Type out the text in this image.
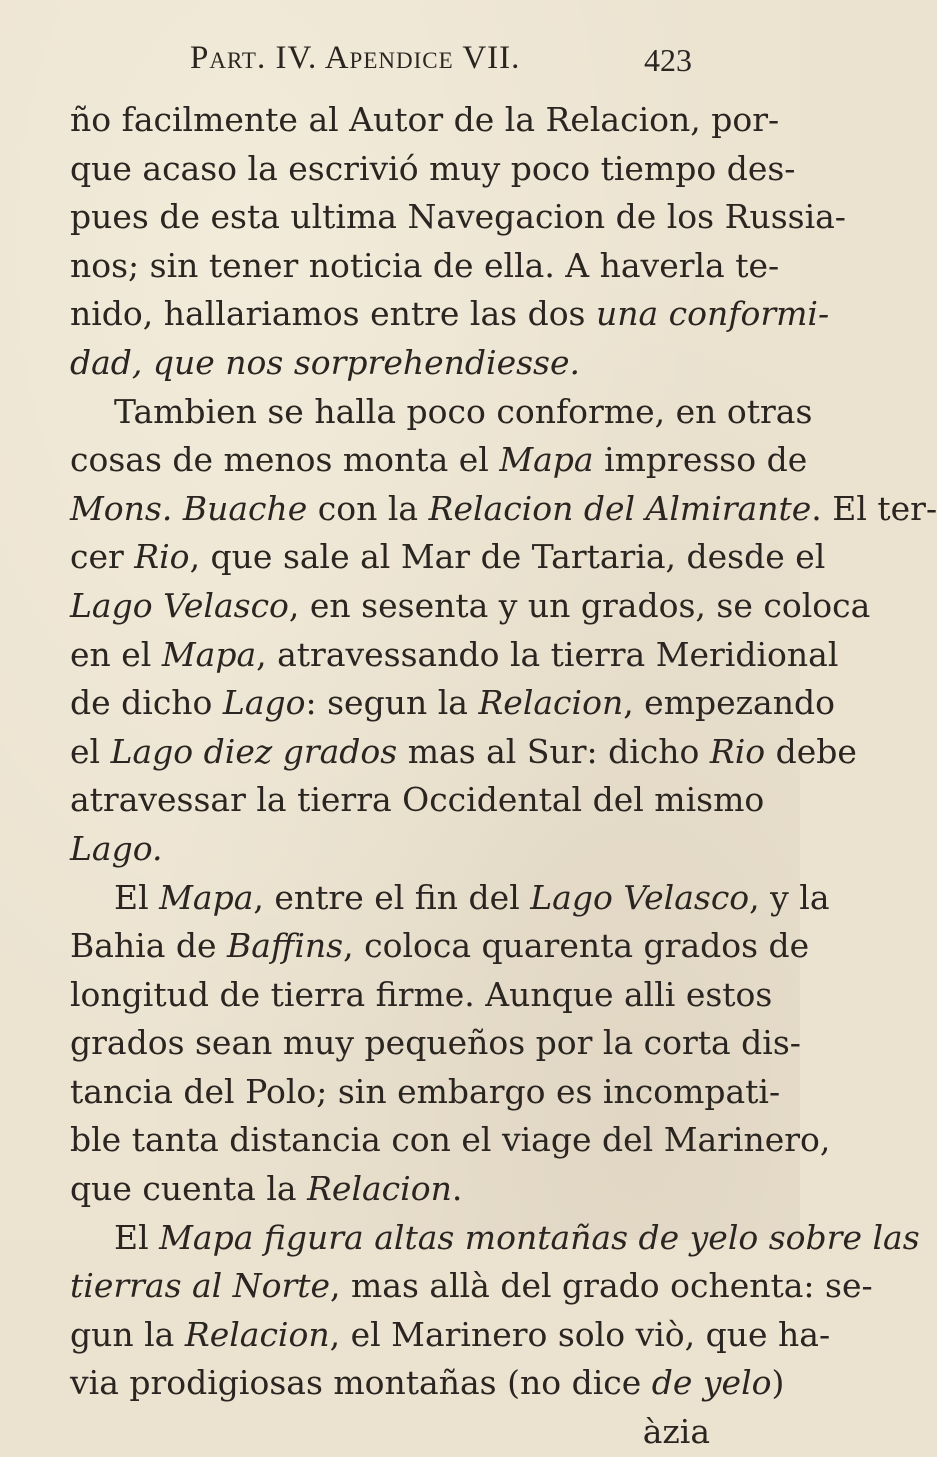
Part. IV. Apendice VII.	423
ño facilmente al Autor de la Relacion, por-
que acaso la escrivió muy poco tiempo des-
pues de esta ultima Navegacion de los Russia-
nos; sin tener noticia de ella. A haverla te-
nido, hallariamos entre las dos una conformi-
dad, que nos sorprehendiesse.
Tambien se halla poco conforme, en otras
cosas de menos monta el Mapa impresso de
Mons. Buache con la Relacion del Almirante. El ter-
cer Rio, que sale al Mar de Tartaria, desde el
Lago Velasco, en sesenta y un grados, se coloca
en el Mapa, atravessando la tierra Meridional
de dicho Lago: segun la Relacion, empezando
el Lago diez grados mas al Sur: dicho Rio debe
atravessar la tierra Occidental del mismo
Lago.
El Mapa, entre el fin del Lago Velasco, y la
Bahia de Baffins, coloca quarenta grados de
longitud de tierra firme. Aunque alli estos
grados sean muy pequeños por la corta dis-
tancia del Polo; sin embargo es incompati-
ble tanta distancia con el viage del Marinero,
que cuenta la Relacion.
El Mapa figura altas montañas de yelo sobre las
tierras al Norte, mas allà del grado ochenta: se-
gun la Relacion, el Marinero solo viò, que ha-
via prodigiosas montañas (no dice de yelo)
àzia
